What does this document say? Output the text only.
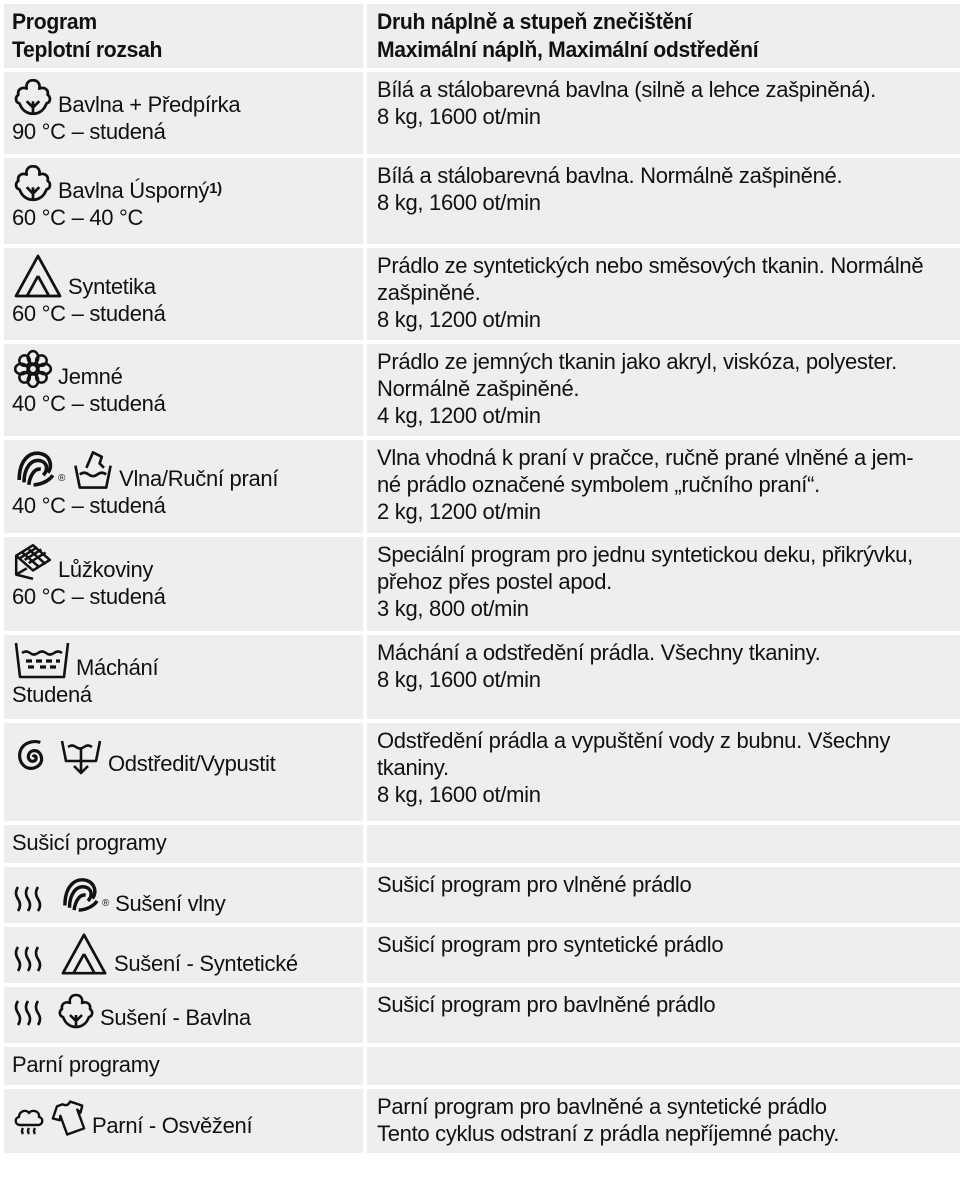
Program
Teplotní rozsah	Druh náplně a stupeň znečištění
Maximální náplň, Maximální odstředění

Bavlna + Předpírka
90 °C – studená	Bílá a stálobarevná bavlna (silně a lehce zašpiněná).
8 kg, 1600 ot/min

Bavlna Úsporný$^{1)}$
60 °C – 40 °C	Bílá a stálobarevná bavlna. Normálně zašpiněné.
8 kg, 1600 ot/min

Syntetika
60 °C – studená	Prádlo ze syntetických nebo směsových tkanin. Normálně zašpiněné.
8 kg, 1200 ot/min

Jemné
40 °C – studená	Prádlo ze jemných tkanin jako akryl, viskóza, polyester. Normálně zašpiněné.
4 kg, 1200 ot/min

® Vlna/Ruční praní
40 °C – studená	Vlna vhodná k praní v pračce, ručně prané vlněné a jem-
né prádlo označené symbolem „ručního praní“.
2 kg, 1200 ot/min

Lůžkoviny
60 °C – studená	Speciální program pro jednu syntetickou deku, přikrývku, přehoz přes postel apod.
3 kg, 800 ot/min

Máchání
Studená	Máchání a odstředění prádla. Všechny tkaniny.
8 kg, 1600 ot/min

Odstředit/Vypustit	Odstředění prádla a vypuštění vody z bubnu. Všechny tkaniny.
8 kg, 1600 ot/min

Sušicí programy	

® Sušení vlny	Sušicí program pro vlněné prádlo

Sušení - Syntetické	Sušicí program pro syntetické prádlo

Sušení - Bavlna	Sušicí program pro bavlněné prádlo

Parní programy	

Parní - Osvěžení	Parní program pro bavlněné a syntetické prádlo
Tento cyklus odstraní z prádla nepříjemné pachy.
